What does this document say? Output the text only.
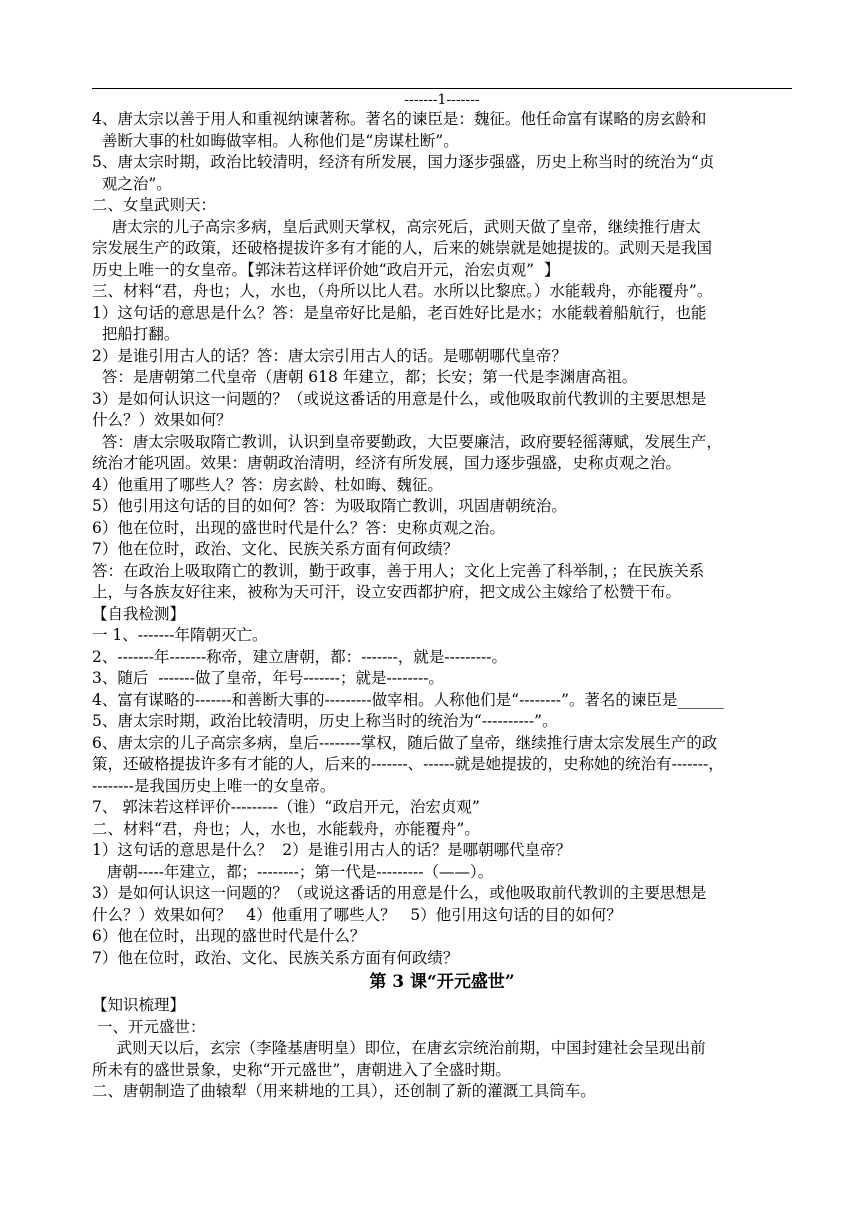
-------1-------
4、唐太宗以善于用人和重视纳谏著称。著名的谏臣是：魏征。他任命富有谋略的房玄龄和
善断大事的杜如晦做宰相。人称他们是“房谋杜断”。
5、唐太宗时期，政治比较清明，经济有所发展，国力逐步强盛，历史上称当时的统治为“贞
观之治”。
二、女皇武则天：
唐太宗的儿子高宗多病，皇后武则天掌权，高宗死后，武则天做了皇帝，继续推行唐太
宗发展生产的政策，还破格提拔许多有才能的人，后来的姚崇就是她提拔的。武则天是我国
历史上唯一的女皇帝。【郭沫若这样评价她“政启开元，治宏贞观”  】
三、材料“君，舟也；人，水也，（舟所以比人君。水所以比黎庶。）水能载舟，亦能覆舟”。
1）这句话的意思是什么？答：是皇帝好比是船，老百姓好比是水；水能载着船航行，也能
把船打翻。
2）是谁引用古人的话？答：唐太宗引用古人的话。是哪朝哪代皇帝？
答：是唐朝第二代皇帝（唐朝 618 年建立，都；长安；第一代是李渊唐高祖。
3）是如何认识这一问题的？（或说这番话的用意是什么，或他吸取前代教训的主要思想是
什么？）效果如何？
答：唐太宗吸取隋亡教训，认识到皇帝要勤政，大臣要廉洁，政府要轻徭薄赋，发展生产，
统治才能巩固。效果：唐朝政治清明，经济有所发展，国力逐步强盛，史称贞观之治。
4）他重用了哪些人？答：房玄龄、杜如晦、魏征。
5）他引用这句话的目的如何？答：为吸取隋亡教训，巩固唐朝统治。
6）他在位时，出现的盛世时代是什么？答：史称贞观之治。
7）他在位时，政治、文化、民族关系方面有何政绩？
答：在政治上吸取隋亡的教训，勤于政事，善于用人；文化上完善了科举制，；在民族关系
上，与各族友好往来，被称为天可汗，设立安西都护府，把文成公主嫁给了松赞干布。
【自我检测】
一 1、-------年隋朝灭亡。
2、-------年-------称帝，建立唐朝，都：-------，就是---------。
3、随后  -------做了皇帝，年号-------；就是--------。
4、富有谋略的-------和善断大事的---------做宰相。人称他们是“--------”。著名的谏臣是______
5、唐太宗时期，政治比较清明，历史上称当时的统治为“----------”。
6、唐太宗的儿子高宗多病，皇后--------掌权，随后做了皇帝，继续推行唐太宗发展生产的政
策，还破格提拔许多有才能的人，后来的-------、------就是她提拔的，史称她的统治有-------，
--------是我国历史上唯一的女皇帝。
7、 郭沫若这样评价---------（谁）“政启开元，治宏贞观”
二、材料“君，舟也；人，水也，水能载舟，亦能覆舟”。
1）这句话的意思是什么？  2）是谁引用古人的话？是哪朝哪代皇帝？
唐朝-----年建立，都；--------；第一代是---------（——）。
3）是如何认识这一问题的？（或说这番话的用意是什么，或他吸取前代教训的主要思想是
什么？）效果如何？   4）他重用了哪些人？   5）他引用这句话的目的如何？
6）他在位时，出现的盛世时代是什么？
7）他在位时，政治、文化、民族关系方面有何政绩？
第 3 课“开元盛世”
【知识梳理】
一、开元盛世：
武则天以后，玄宗（李隆基唐明皇）即位，在唐玄宗统治前期，中国封建社会呈现出前
所未有的盛世景象，史称“开元盛世”，唐朝进入了全盛时期。
二、唐朝制造了曲辕犁（用来耕地的工具），还创制了新的灌溉工具筒车。
